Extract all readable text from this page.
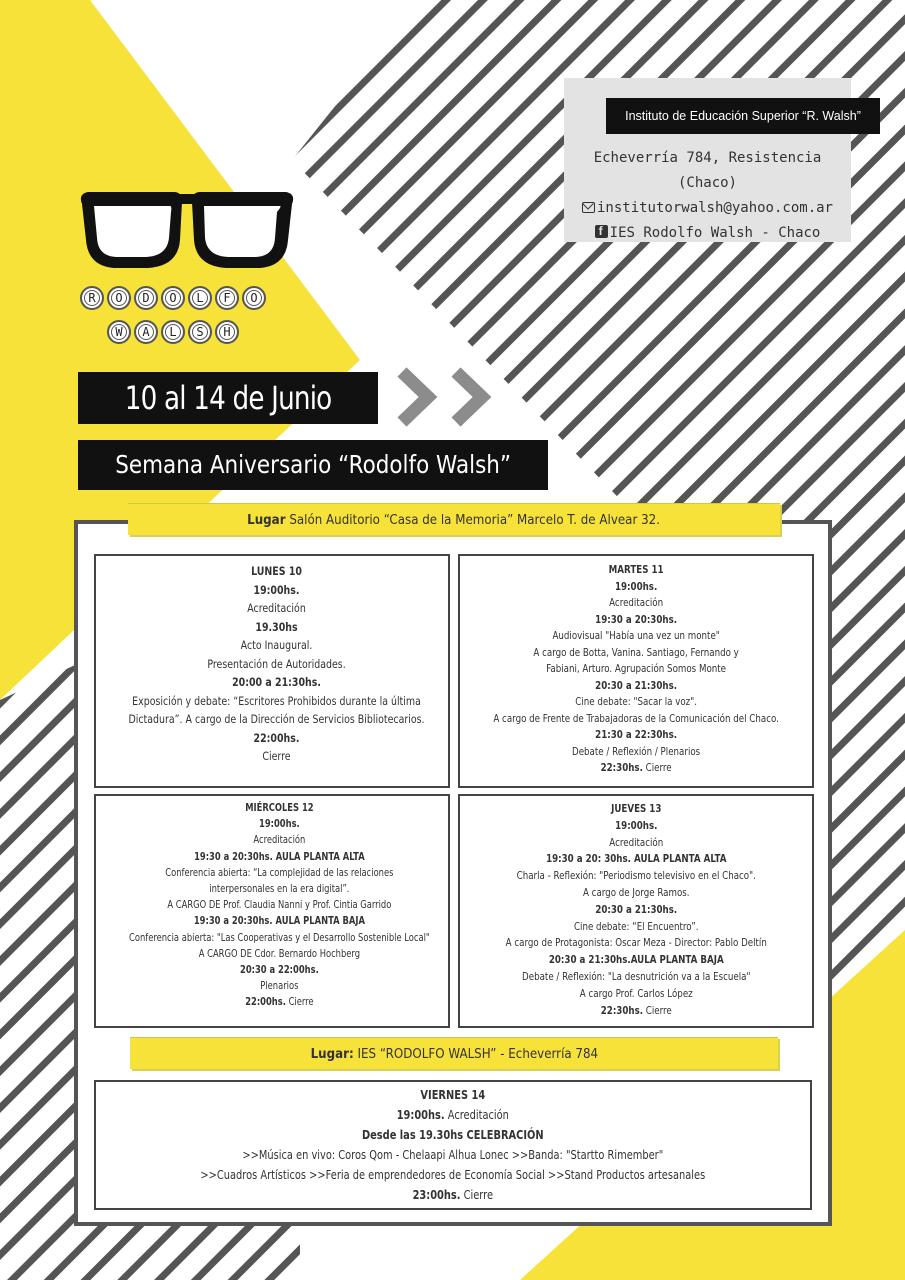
Instituto de Educación Superior “R. Walsh”
Echeverría 784, Resistencia (Chaco)
institutorwalsh@yahoo.com.ar
fIES Rodolfo Walsh - Chaco
R	O	D	O	L	F	O
W	A	L	S	H
10 al 14 de Junio
Semana Aniversario “Rodolfo Walsh”
Lugar Salón Auditorio “Casa de la Memoria” Marcelo T. de Alvear 32.

LUNES 10

19:00hs.

Acreditación

19.30hs

Acto Inaugural.

Presentación de Autoridades.

20:00 a 21:30hs.

Exposición y debate: “Escritores Prohibidos durante la última

Dictadura”. A cargo de la Dirección de Servicios Bibliotecarios.

22:00hs.

Cierre

MARTES 11

19:00hs.

Acreditación

19:30 a 20:30hs.

Audiovisual "Había una vez un monte"

A cargo de Botta, Vanina. Santiago, Fernando y

Fabiani, Arturo. Agrupación Somos Monte

20:30 a 21:30hs.

Cine debate: "Sacar la voz".

A cargo de Frente de Trabajadoras de la Comunicación del Chaco.

21:30 a 22:30hs.

Debate / Reflexión / Plenarios

22:30hs. Cierre

MIÉRCOLES 12

19:00hs.

Acreditación

19:30 a 20:30hs. AULA PLANTA ALTA

Conferencia abierta: “La complejidad de las relaciones

interpersonales en la era digital”.

A CARGO DE Prof. Claudia Nanni y Prof. Cintia Garrido

19:30 a 20:30hs. AULA PLANTA BAJA

Conferencia abierta: "Las Cooperativas y el Desarrollo Sostenible Local"

A CARGO DE Cdor. Bernardo Hochberg

20:30 a 22:00hs.

Plenarios

22:00hs. Cierre

JUEVES 13

19:00hs.

Acreditación

19:30 a 20: 30hs. AULA PLANTA ALTA

Charla - Reflexión: "Periodismo televisivo en el Chaco".

A cargo de Jorge Ramos.

20:30 a 21:30hs.

Cine debate: “El Encuentro”.

A cargo de Protagonista: Oscar Meza - Director: Pablo Deltín

20:30 a 21:30hs.AULA PLANTA BAJA

Debate / Reflexión: "La desnutrición va a la Escuela"

A cargo Prof. Carlos López

22:30hs. Cierre

Lugar: IES “RODOLFO WALSH” - Echeverría 784

VIERNES 14

19:00hs. Acreditación

Desde las 19.30hs CELEBRACIÓN

>>Música en vivo: Coros Qom - Chelaapi Alhua Lonec >>Banda: "Startto Rimember"

>>Cuadros Artísticos >>Feria de emprendedores de Economía Social >>Stand Productos artesanales

23:00hs. Cierre
